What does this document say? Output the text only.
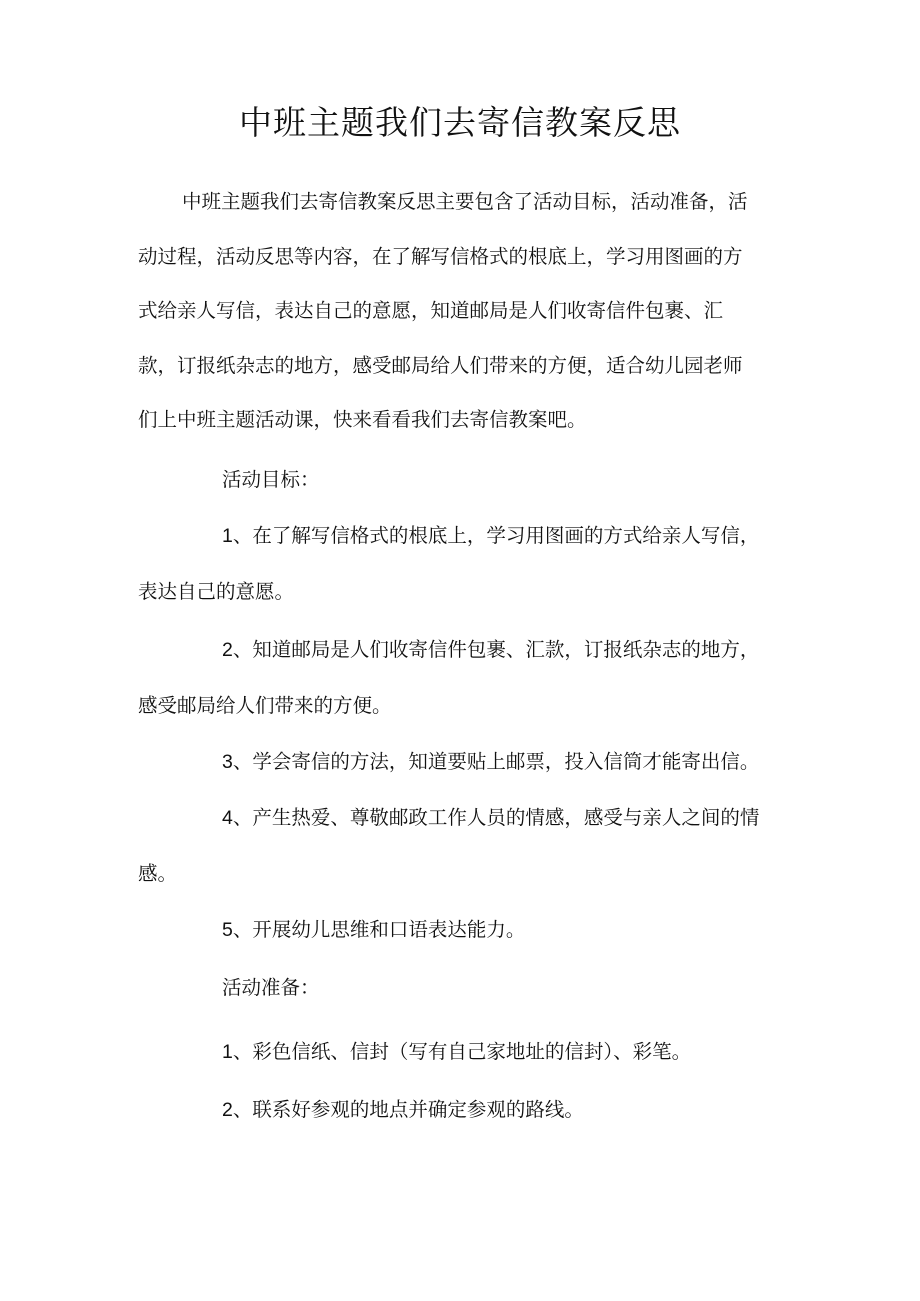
中班主题我们去寄信教案反思

中班主题我们去寄信教案反思主要包含了活动目标，活动准备，活
动过程，活动反思等内容，在了解写信格式的根底上，学习用图画的方
式给亲人写信，表达自己的意愿，知道邮局是人们收寄信件包裹、汇
款，订报纸杂志的地方，感受邮局给人们带来的方便，适合幼儿园老师
们上中班主题活动课，快来看看我们去寄信教案吧。

活动目标：

1、在了解写信格式的根底上，学习用图画的方式给亲人写信，
表达自己的意愿。

2、知道邮局是人们收寄信件包裹、汇款，订报纸杂志的地方，
感受邮局给人们带来的方便。

3、学会寄信的方法，知道要贴上邮票，投入信筒才能寄出信。

4、产生热爱、尊敬邮政工作人员的情感，感受与亲人之间的情
感。

5、开展幼儿思维和口语表达能力。

活动准备：

1、彩色信纸、信封（写有自己家地址的信封）、彩笔。

2、联系好参观的地点并确定参观的路线。
